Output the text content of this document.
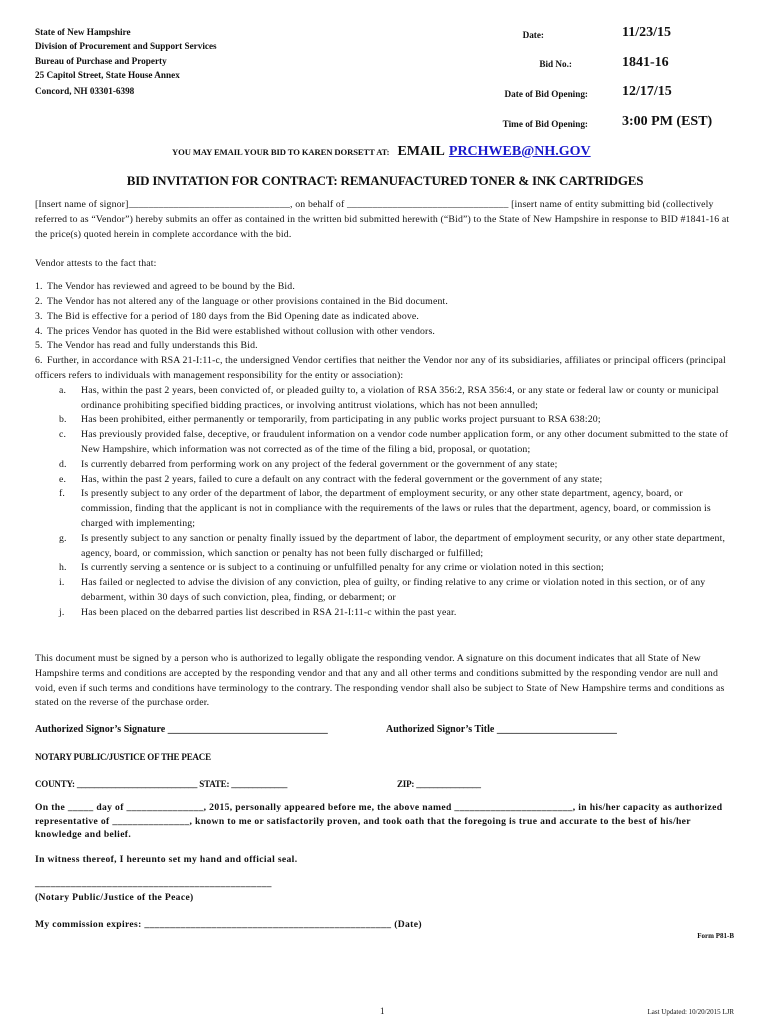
State of New Hampshire
Division of Procurement and Support Services
Bureau of Purchase and Property
25 Capitol Street, State House Annex
Concord, NH 03301-6398
Date:	11/23/15
Bid No.:	1841-16
Date of Bid Opening: 12/17/15
Time of Bid Opening: 3:00 PM (EST)
YOU MAY EMAIL YOUR BID TO KAREN DORSETT AT: EMAIL PRCHWEB@NH.GOV
BID INVITATION FOR CONTRACT: REMANUFACTURED TONER & INK CARTRIDGES

[Insert name of signor]________________________________, on behalf of ________________________________ [insert name of entity submitting bid (collectively referred to as “Vendor”) hereby submits an offer as contained in the written bid submitted herewith (“Bid”) to the State of New Hampshire in response to BID #1841-16 at the price(s) quoted herein in complete accordance with the bid.

Vendor attests to the fact that:

1. The Vendor has reviewed and agreed to be bound by the Bid.
2. The Vendor has not altered any of the language or other provisions contained in the Bid document.
3. The Bid is effective for a period of 180 days from the Bid Opening date as indicated above.
4. The prices Vendor has quoted in the Bid were established without collusion with other vendors.
5. The Vendor has read and fully understands this Bid.
6. Further, in accordance with RSA 21-I:11-c, the undersigned Vendor certifies that neither the Vendor nor any of its subsidiaries, affiliates or principal officers (principal officers refers to individuals with management responsibility for the entity or association):
a.	Has, within the past 2 years, been convicted of, or pleaded guilty to, a violation of RSA 356:2, RSA 356:4, or any state or federal law or county or municipal ordinance prohibiting specified bidding practices, or involving antitrust violations, which has not been annulled;
b.	Has been prohibited, either permanently or temporarily, from participating in any public works project pursuant to RSA 638:20;
c.	Has previously provided false, deceptive, or fraudulent information on a vendor code number application form, or any other document submitted to the state of New Hampshire, which information was not corrected as of the time of the filing a bid, proposal, or quotation;
d.	Is currently debarred from performing work on any project of the federal government or the government of any state;
e.	Has, within the past 2 years, failed to cure a default on any contract with the federal government or the government of any state;
f.	Is presently subject to any order of the department of labor, the department of employment security, or any other state department, agency, board, or commission, finding that the applicant is not in compliance with the requirements of the laws or rules that the department, agency, board, or commission is charged with implementing;
g.	Is presently subject to any sanction or penalty finally issued by the department of labor, the department of employment security, or any other state department, agency, board, or commission, which sanction or penalty has not been fully discharged or fulfilled;
h.	Is currently serving a sentence or is subject to a continuing or unfulfilled penalty for any crime or violation noted in this section;
i.	Has failed or neglected to advise the division of any conviction, plea of guilty, or finding relative to any crime or violation noted in this section, or of any debarment, within 30 days of such conviction, plea, finding, or debarment; or
j.	Has been placed on the debarred parties list described in RSA 21-I:11-c within the past year.
This document must be signed by a person who is authorized to legally obligate the responding vendor. A signature on this document indicates that all State of New Hampshire terms and conditions are accepted by the responding vendor and that any and all other terms and conditions submitted by the responding vendor are null and void, even if such terms and conditions have terminology to the contrary. The responding vendor shall also be subject to State of New Hampshire terms and conditions as stated on the reverse of the purchase order.
Authorized Signor’s Signature ________________________________	Authorized Signor’s Title ________________________
NOTARY PUBLIC/JUSTICE OF THE PEACE
COUNTY: ____________________________ STATE: _____________	ZIP: _______________
On the _____ day of _______________, 2015, personally appeared before me, the above named _______________________, in his/her capacity as authorized representative of _______________, known to me or satisfactorily proven, and took oath that the foregoing is true and accurate to the best of his/her knowledge and belief.
In witness thereof, I hereunto set my hand and official seal.
______________________________________________
(Notary Public/Justice of the Peace)
My commission expires: ________________________________________________ (Date)
Form P81-B
1	Last Updated: 10/20/2015 LJR
